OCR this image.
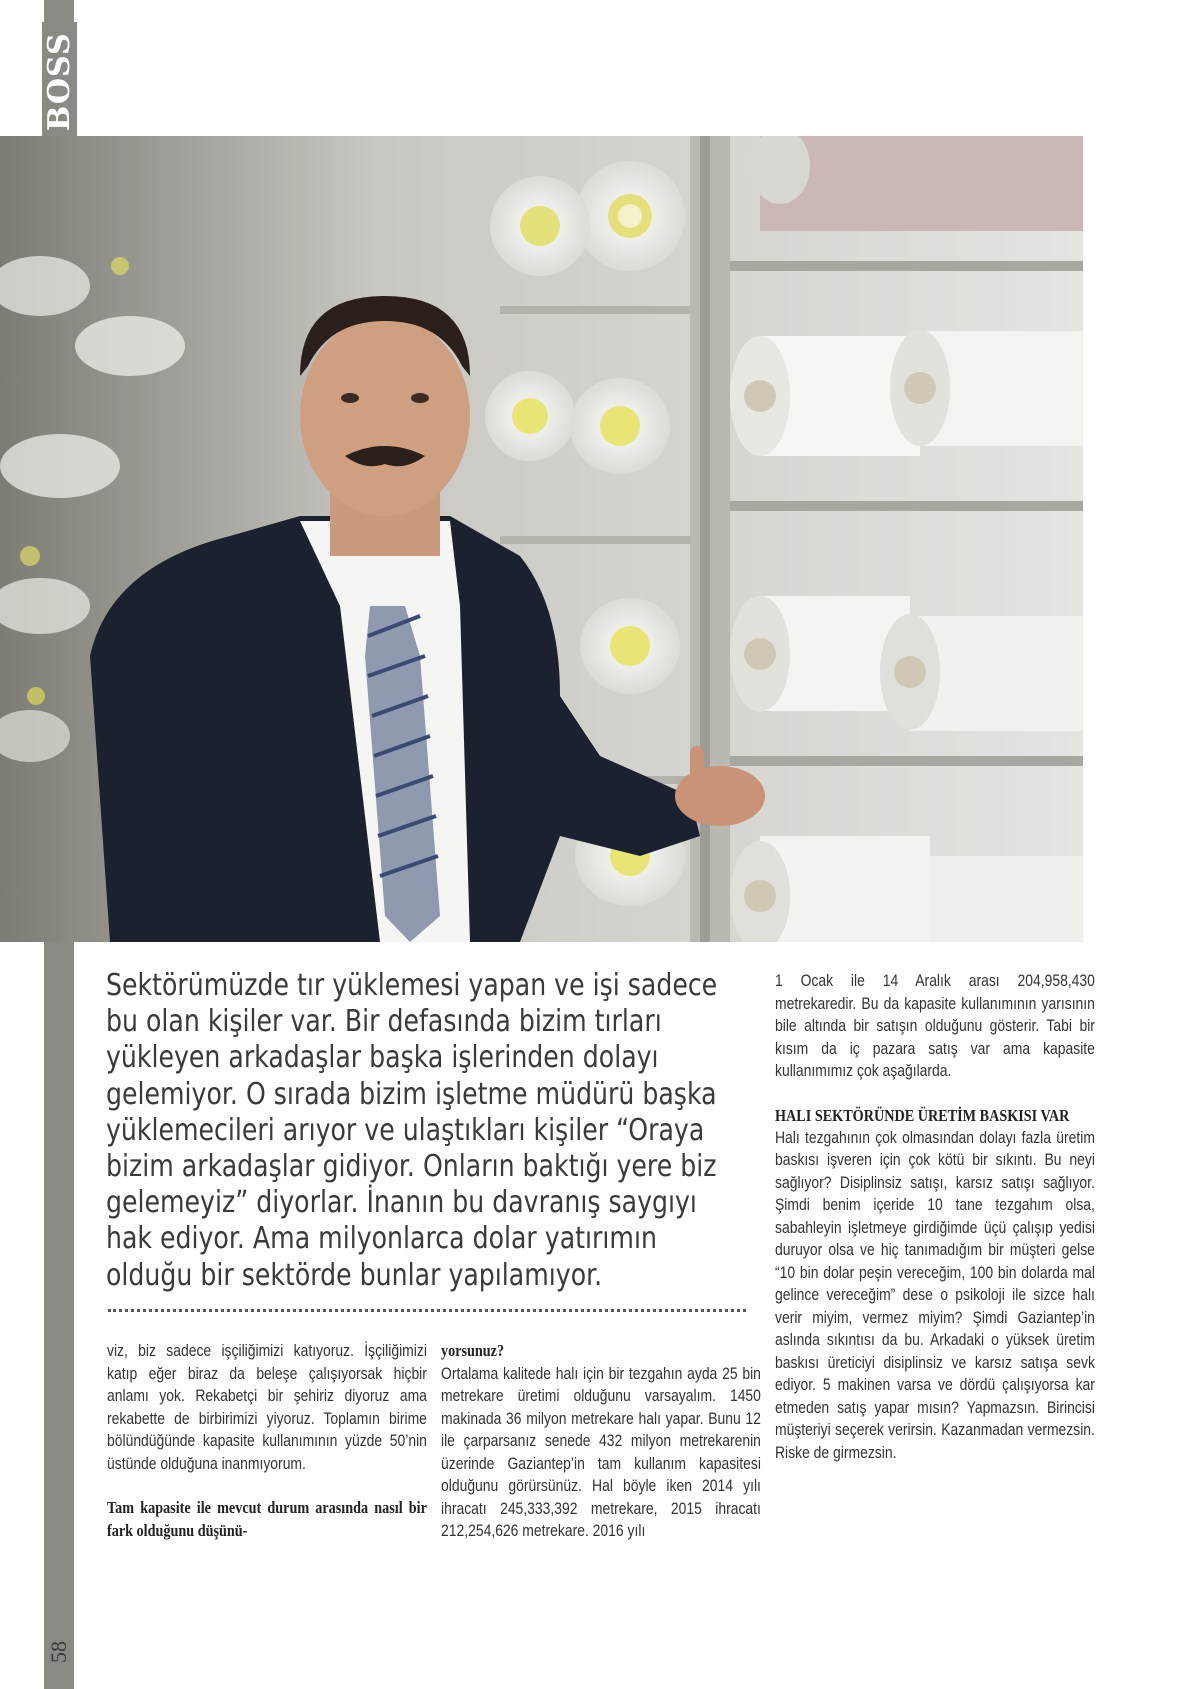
BOSS
58
Sektörümüzde tır yüklemesi yapan ve işi sadece bu olan kişiler var. Bir defasında bizim tırları yükleyen arkadaşlar başka işlerinden dolayı gelemiyor. O sırada bizim işletme müdürü başka yüklemecileri arıyor ve ulaştıkları kişiler “Oraya bizim arkadaşlar gidiyor. Onların baktığı yere biz gelemeyiz” diyorlar. İnanın bu davranış saygıyı hak ediyor. Ama milyonlarca dolar yatırımın olduğu bir sektörde bunlar yapılamıyor.

viz, biz sadece işçiliğimizi katıyoruz. İşçiliğimizi katıp eğer biraz da beleşe çalışıyorsak hiçbir anlamı yok. Rekabetçi bir şehiriz diyoruz ama rekabette de birbirimizi yiyoruz. Toplamın birime bölündüğünde kapasite kullanımının yüzde 50’nin üstünde olduğuna inanmıyorum.

Tam kapasite ile mevcut durum arasında nasıl bir fark olduğunu düşünü-

yorsunuz?

Ortalama kalitede halı için bir tezgahın ayda 25 bin metrekare üretimi olduğunu varsayalım. 1450 makinada 36 milyon metrekare halı yapar. Bunu 12 ile çarparsanız senede 432 milyon metrekarenin üzerinde Gaziantep’in tam kullanım kapasitesi olduğunu görürsünüz. Hal böyle iken 2014 yılı ihracatı 245,333,392 metrekare, 2015 ihracatı 212,254,626 metrekare. 2016 yılı

1 Ocak ile 14 Aralık arası 204,958,430 metrekaredir. Bu da kapasite kullanımının yarısının bile altında bir satışın olduğunu gösterir. Tabi bir kısım da iç pazara satış var ama kapasite kullanımımız çok aşağılarda.

HALI SEKTÖRÜNDE ÜRETİM BASKISI VAR

Halı tezgahının çok olmasından dolayı fazla üretim baskısı işveren için çok kötü bir sıkıntı. Bu neyi sağlıyor? Disiplinsiz satışı, karsız satışı sağlıyor. Şimdi benim içeride 10 tane tezgahım olsa, sabahleyin işletmeye girdiğimde üçü çalışıp yedisi duruyor olsa ve hiç tanımadığım bir müşteri gelse “10 bin dolar peşin vereceğim, 100 bin dolarda mal gelince vereceğim” dese o psikoloji ile sizce halı verir miyim, vermez miyim? Şimdi Gaziantep’in aslında sıkıntısı da bu. Arkadaki o yüksek üretim baskısı üreticiyi disiplinsiz ve karsız satışa sevk ediyor. 5 makinen varsa ve dördü çalışıyorsa kar etmeden satış yapar mısın? Yapmazsın. Birincisi müşteriyi seçerek verirsin. Kazanmadan vermezsin. Riske de girmezsin.
